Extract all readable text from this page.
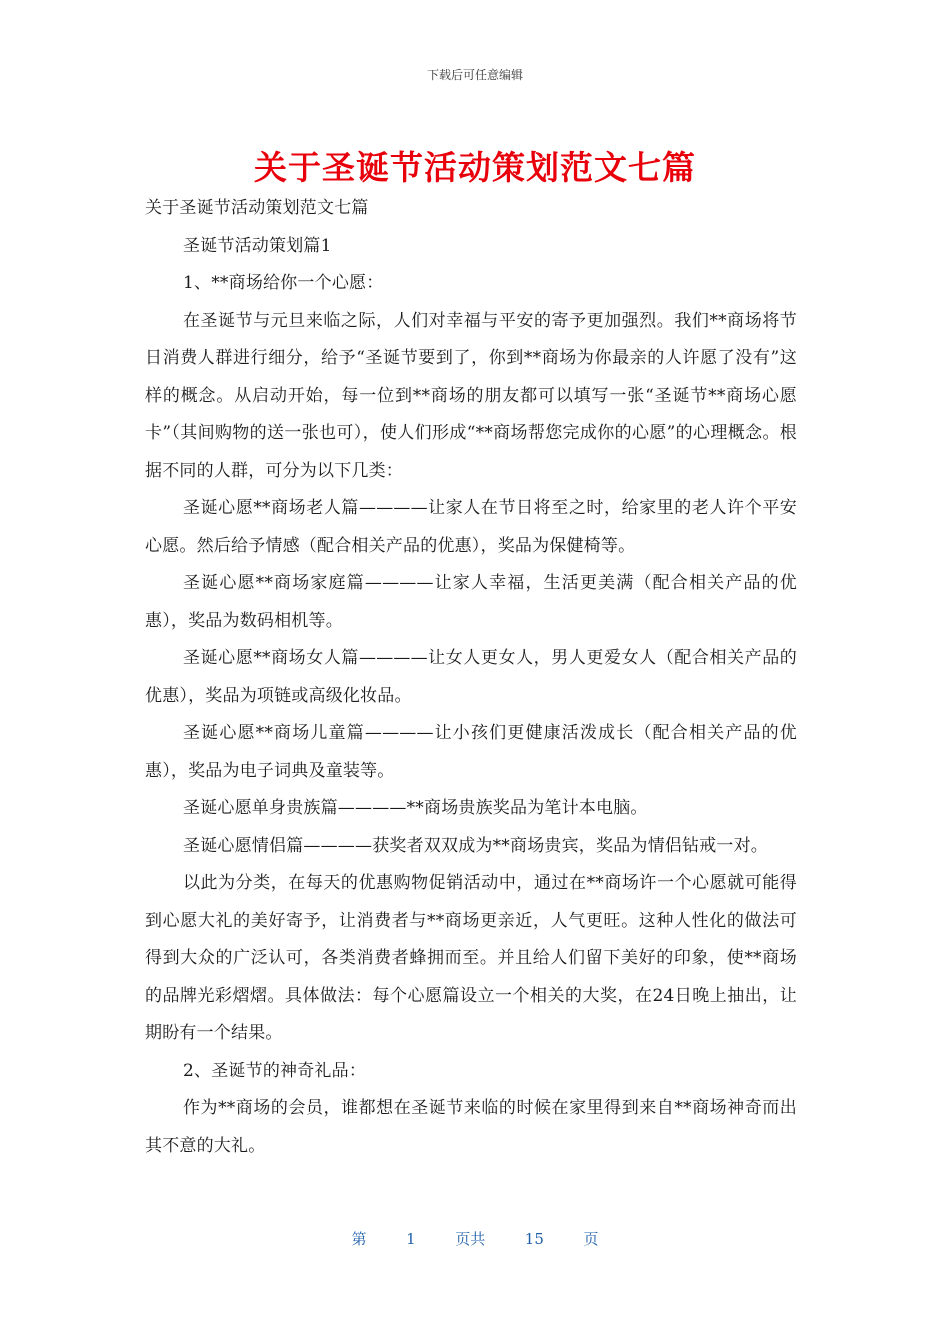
下载后可任意编辑
关于圣诞节活动策划范文七篇

关于圣诞节活动策划范文七篇

圣诞节活动策划篇1

1、**商场给你一个心愿：

在圣诞节与元旦来临之际，人们对幸福与平安的寄予更加强烈。我们**商场将节日消费人群进行细分，给予“圣诞节要到了，你到**商场为你最亲的人许愿了没有”这样的概念。从启动开始，每一位到**商场的朋友都可以填写一张“圣诞节**商场心愿卡”（其间购物的送一张也可），使人们形成“**商场帮您完成你的心愿”的心理概念。根据不同的人群，可分为以下几类：

圣诞心愿**商场老人篇————让家人在节日将至之时，给家里的老人许个平安心愿。然后给予情感（配合相关产品的优惠），奖品为保健椅等。

圣诞心愿**商场家庭篇————让家人幸福，生活更美满（配合相关产品的优惠），奖品为数码相机等。

圣诞心愿**商场女人篇————让女人更女人，男人更爱女人（配合相关产品的优惠），奖品为项链或高级化妆品。

圣诞心愿**商场儿童篇————让小孩们更健康活泼成长（配合相关产品的优惠），奖品为电子词典及童装等。

圣诞心愿单身贵族篇————**商场贵族奖品为笔计本电脑。

圣诞心愿情侣篇————获奖者双双成为**商场贵宾，奖品为情侣钻戒一对。

以此为分类，在每天的优惠购物促销活动中，通过在**商场许一个心愿就可能得到心愿大礼的美好寄予，让消费者与**商场更亲近，人气更旺。这种人性化的做法可得到大众的广泛认可，各类消费者蜂拥而至。并且给人们留下美好的印象，使**商场的品牌光彩熠熠。具体做法：每个心愿篇设立一个相关的大奖，在24日晚上抽出，让期盼有一个结果。

2、圣诞节的神奇礼品：

作为**商场的会员，谁都想在圣诞节来临的时候在家里得到来自**商场神奇而出其不意的大礼。

第	1	页共	15	页
